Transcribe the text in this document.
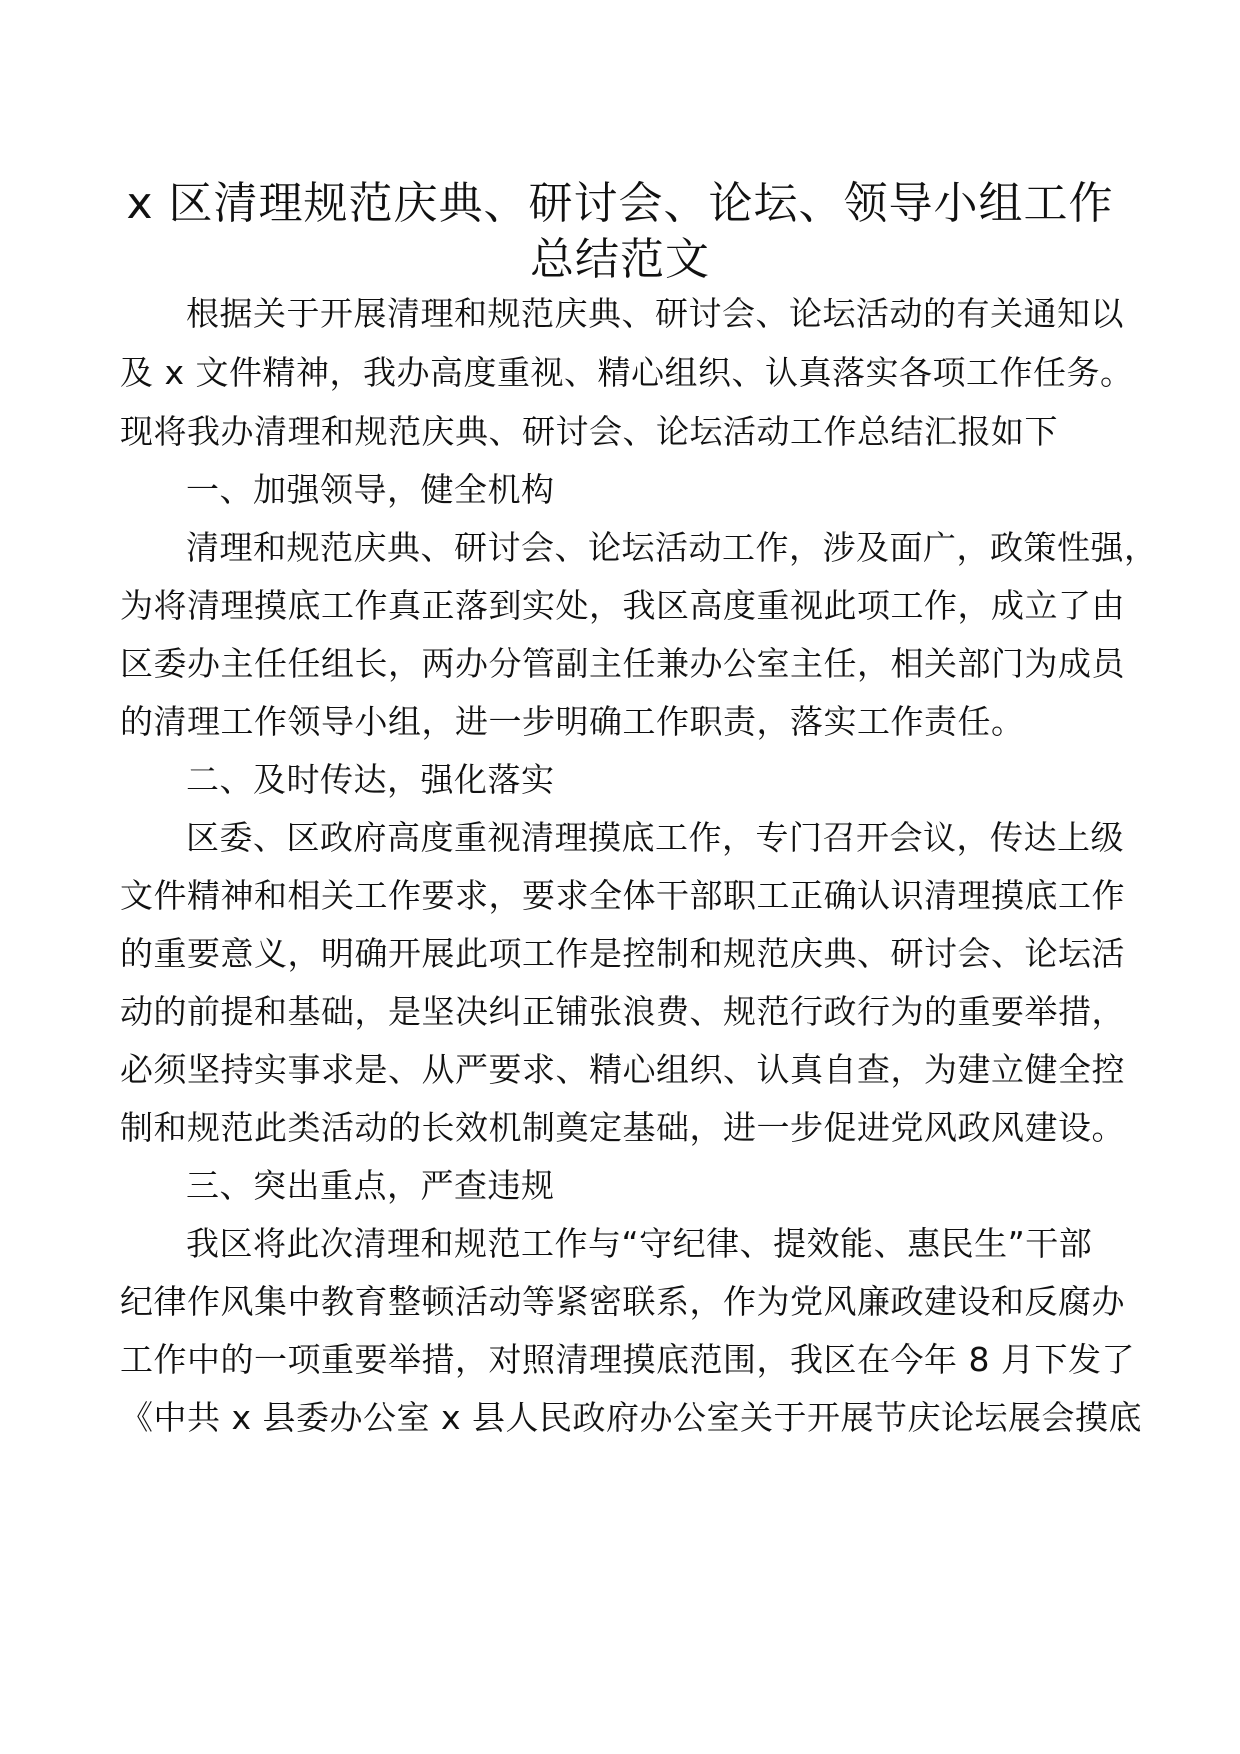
x 区清理规范庆典、研讨会、论坛、领导小组工作
总结范文
根据关于开展清理和规范庆典、研讨会、论坛活动的有关通知以
及 x 文件精神，我办高度重视、精心组织、认真落实各项工作任务。
现将我办清理和规范庆典、研讨会、论坛活动工作总结汇报如下
一、加强领导，健全机构
清理和规范庆典、研讨会、论坛活动工作，涉及面广，政策性强，
为将清理摸底工作真正落到实处，我区高度重视此项工作，成立了由
区委办主任任组长，两办分管副主任兼办公室主任，相关部门为成员
的清理工作领导小组，进一步明确工作职责，落实工作责任。
二、及时传达，强化落实
区委、区政府高度重视清理摸底工作，专门召开会议，传达上级
文件精神和相关工作要求，要求全体干部职工正确认识清理摸底工作
的重要意义，明确开展此项工作是控制和规范庆典、研讨会、论坛活
动的前提和基础，是坚决纠正铺张浪费、规范行政行为的重要举措，
必须坚持实事求是、从严要求、精心组织、认真自查，为建立健全控
制和规范此类活动的长效机制奠定基础，进一步促进党风政风建设。
三、突出重点，严查违规
我区将此次清理和规范工作与“守纪律、提效能、惠民生”干部
纪律作风集中教育整顿活动等紧密联系，作为党风廉政建设和反腐办
工作中的一项重要举措，对照清理摸底范围，我区在今年 8 月下发了
《中共 x 县委办公室 x 县人民政府办公室关于开展节庆论坛展会摸底
